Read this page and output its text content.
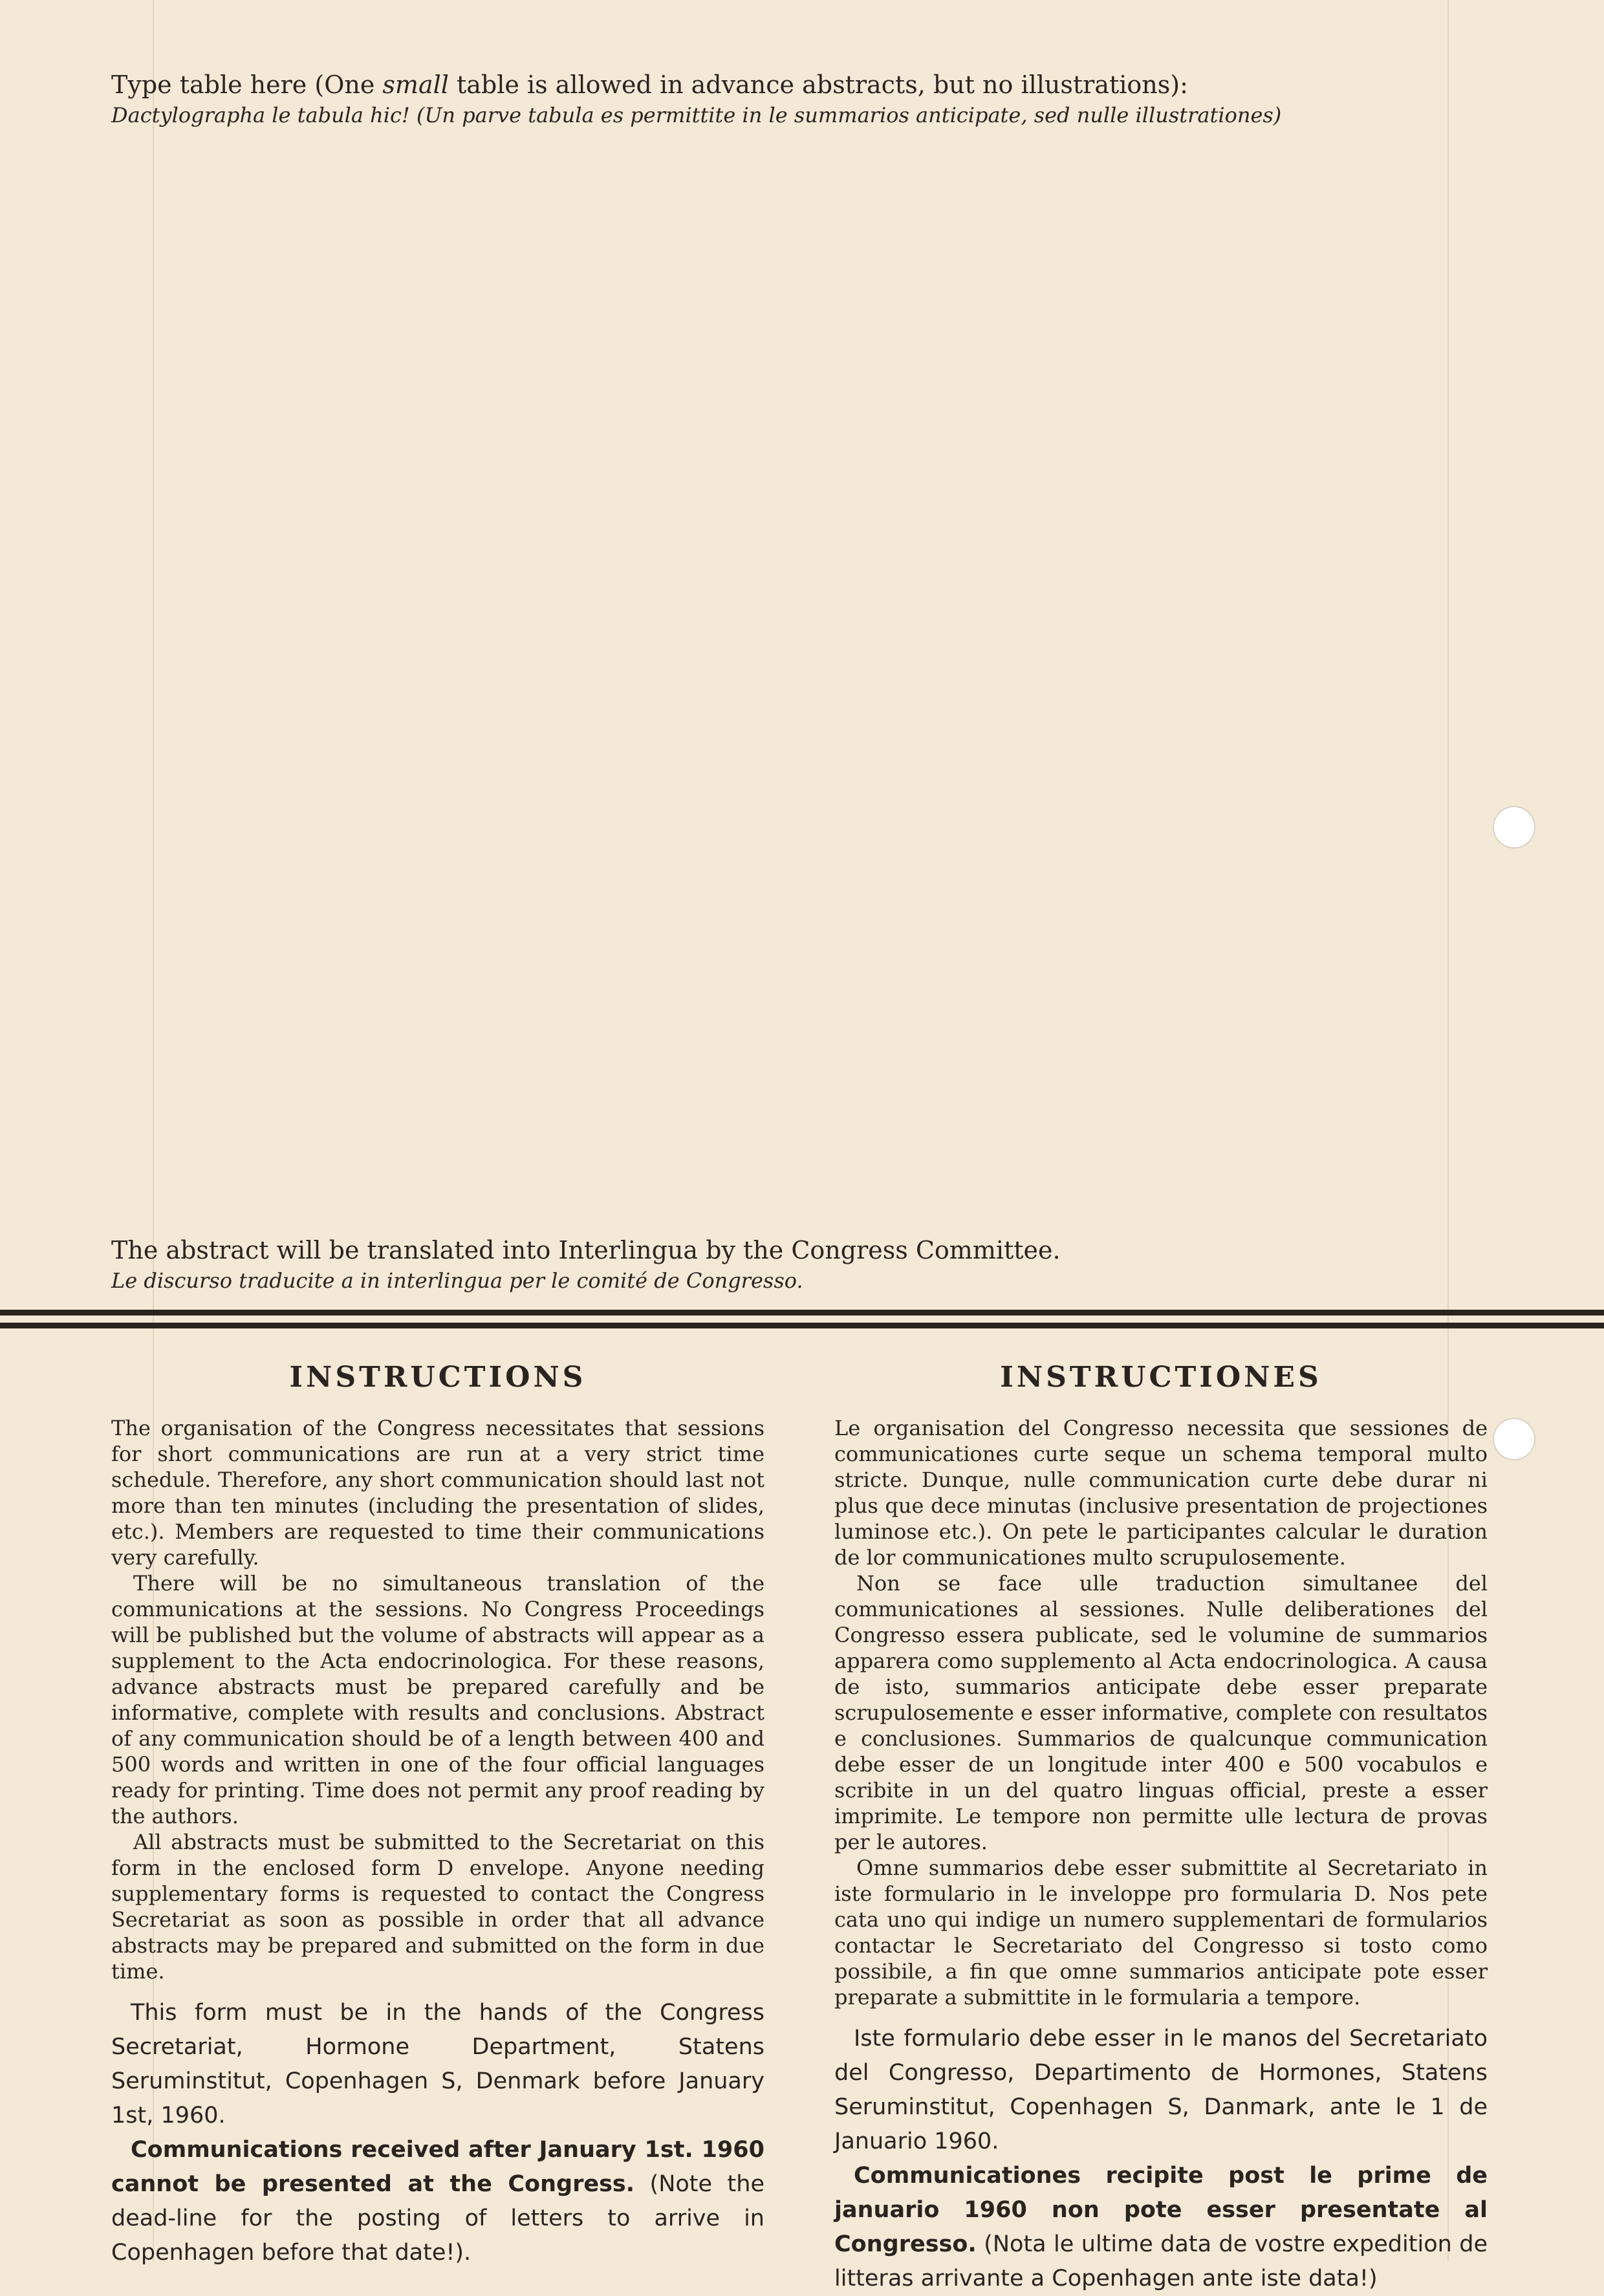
Type table here (One small table is allowed in advance abstracts, but no illustrations):
Dactylographa le tabula hic! (Un parve tabula es permittite in le summarios anticipate, sed nulle illustrationes)
The abstract will be translated into Interlingua by the Congress Committee.
Le discurso traducite a in interlingua per le comité de Congresso.
INSTRUCTIONS

The organisation of the Congress necessitates that sessions for short communications are run at a very strict time schedule. Therefore, any short communication should last not more than ten minutes (including the presentation of slides, etc.). Members are requested to time their communications very carefully.

There will be no simultaneous translation of the communications at the sessions. No Congress Proceedings will be published but the volume of abstracts will appear as a supplement to the Acta endocrinologica. For these reasons, advance abstracts must be prepared carefully and be informative, complete with results and conclusions. Abstract of any communication should be of a length between 400 and 500 words and written in one of the four official languages ready for printing. Time does not permit any proof reading by the authors.

All abstracts must be submitted to the Secretariat on this form in the enclosed form D envelope. Anyone needing supplementary forms is requested to contact the Congress Secretariat as soon as possible in order that all advance abstracts may be prepared and submitted on the form in due time.

This form must be in the hands of the Congress Secretariat, Hormone Department, Statens Seruminstitut, Copenhagen S, Denmark before January 1st, 1960.
Communications received after January 1st. 1960 cannot be presented at the Congress. (Note the dead-line for the posting of letters to arrive in Copenhagen before that date!).
INSTRUCTIONES

Le organisation del Congresso necessita que sessiones de communicationes curte seque un schema temporal multo stricte. Dunque, nulle communication curte debe durar ni plus que dece minutas (inclusive presentation de projectiones luminose etc.). On pete le participantes calcular le duration de lor communicationes multo scrupulosemente.

Non se face ulle traduction simultanee del communicationes al sessiones. Nulle deliberationes del Congresso essera publicate, sed le volumine de summarios apparera como supplemento al Acta endocrinologica. A causa de isto, summarios anticipate debe esser preparate scrupulosemente e esser informative, complete con resultatos e conclusiones. Summarios de qualcunque communication debe esser de un longitude inter 400 e 500 vocabulos e scribite in un del quatro linguas official, preste a esser imprimite. Le tempore non permitte ulle lectura de provas per le autores.

Omne summarios debe esser submittite al Secretariato in iste formulario in le inveloppe pro formularia D. Nos pete cata uno qui indige un numero supplementari de formularios contactar le Secretariato del Congresso si tosto como possibile, a fin que omne summarios anticipate pote esser preparate a submittite in le formularia a tempore.

Iste formulario debe esser in le manos del Secretariato del Congresso, Departimento de Hormones, Statens Seruminstitut, Copenhagen S, Danmark, ante le 1 de Januario 1960.
Communicationes recipite post le prime de januario 1960 non pote esser presentate al Congresso. (Nota le ultime data de vostre expedition de litteras arrivante a Copenhagen ante iste data!)
